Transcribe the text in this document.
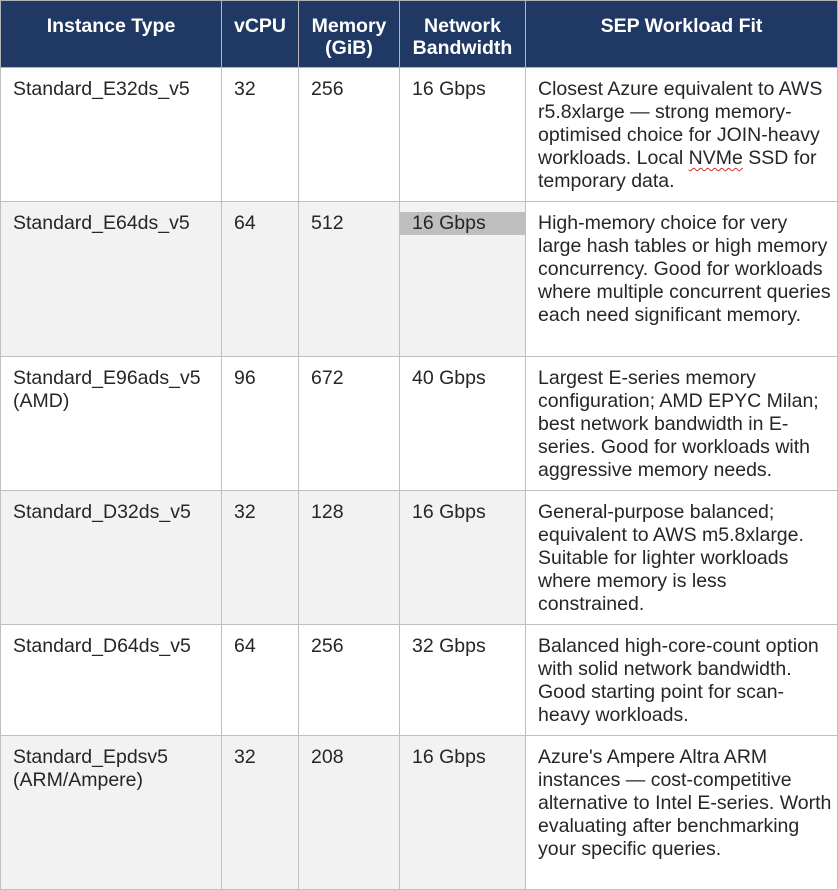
Instance Type	vCPU	Memory (GiB)	Network Bandwidth	SEP Workload Fit
Standard_E32ds_v5	32	256	16 Gbps	Closest Azure equivalent to AWS r5.8xlarge — strong memory-optimised choice for JOIN-heavy workloads. Local NVMe SSD for temporary data.
Standard_E64ds_v5	64	512	16 Gbps	High-memory choice for very large hash tables or high memory concurrency. Good for workloads where multiple concurrent queries each need significant memory.
Standard_E96ads_v5 (AMD)	96	672	40 Gbps	Largest E-series memory configuration; AMD EPYC Milan; best network bandwidth in E-series. Good for workloads with aggressive memory needs.
Standard_D32ds_v5	32	128	16 Gbps	General-purpose balanced; equivalent to AWS m5.8xlarge. Suitable for lighter workloads where memory is less constrained.
Standard_D64ds_v5	64	256	32 Gbps	Balanced high-core-count option with solid network bandwidth. Good starting point for scan-heavy workloads.
Standard_Epdsv5 (ARM/Ampere)	32	208	16 Gbps	Azure's Ampere Altra ARM instances — cost-competitive alternative to Intel E-series. Worth evaluating after benchmarking your specific queries.
